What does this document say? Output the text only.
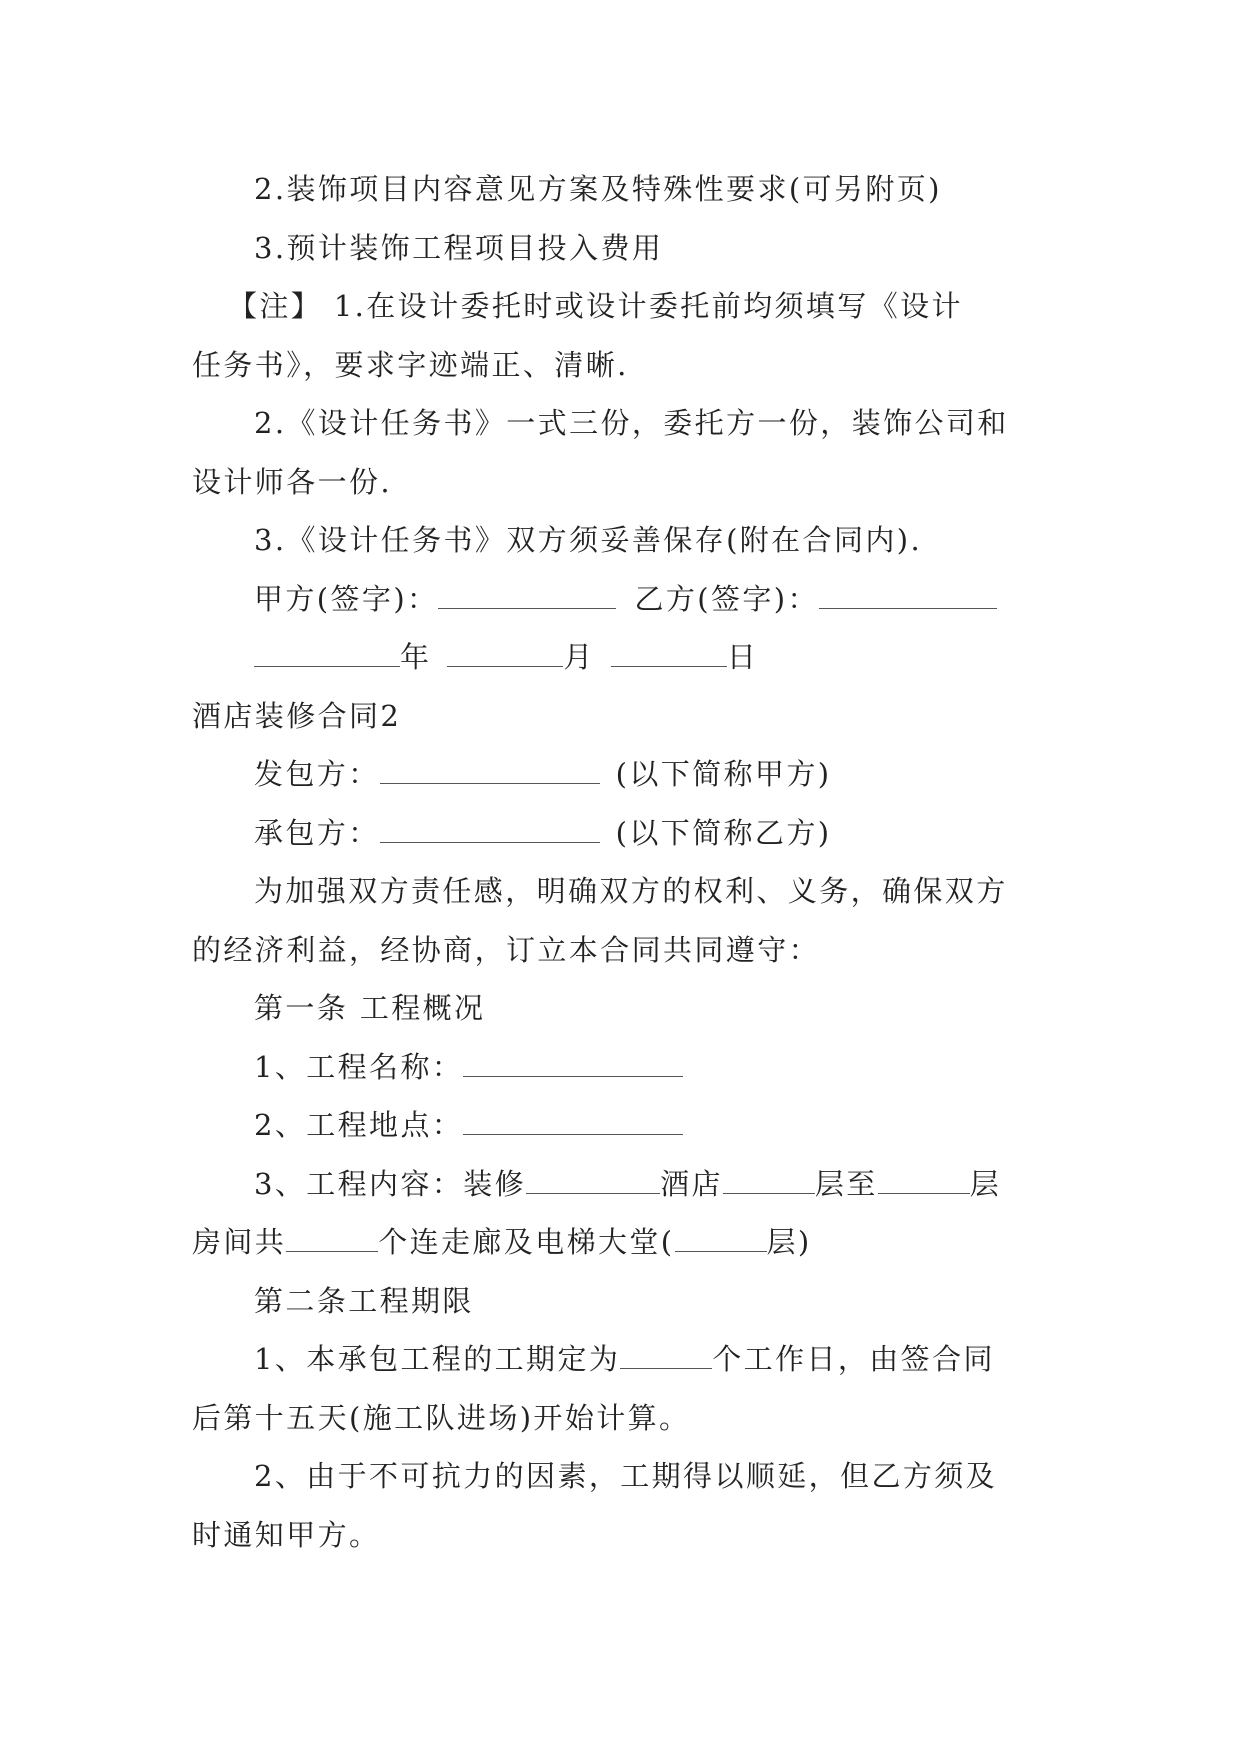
2.装饰项目内容意见方案及特殊性要求(可另附页)

3.预计装饰工程项目投入费用

【注】 1.在设计委托时或设计委托前均须填写《设计

任务书》，要求字迹端正、清晰.

2.《设计任务书》一式三份，委托方一份，装饰公司和

设计师各一份.

3.《设计任务书》双方须妥善保存(附在合同内).

甲方(签字)：	乙方(签字)：

年	月	日

酒店装修合同2

发包方：	(以下简称甲方)

承包方：	(以下简称乙方)

为加强双方责任感，明确双方的权利、义务，确保双方

的经济利益，经协商，订立本合同共同遵守：

第一条 工程概况

1、工程名称：

2、工程地点：

3、工程内容：装修	酒店	层至	层

房间共	个连走廊及电梯大堂(	层)

第二条工程期限

1、本承包工程的工期定为	个工作日，由签合同

后第十五天(施工队进场)开始计算。

2、由于不可抗力的因素，工期得以顺延，但乙方须及

时通知甲方。
